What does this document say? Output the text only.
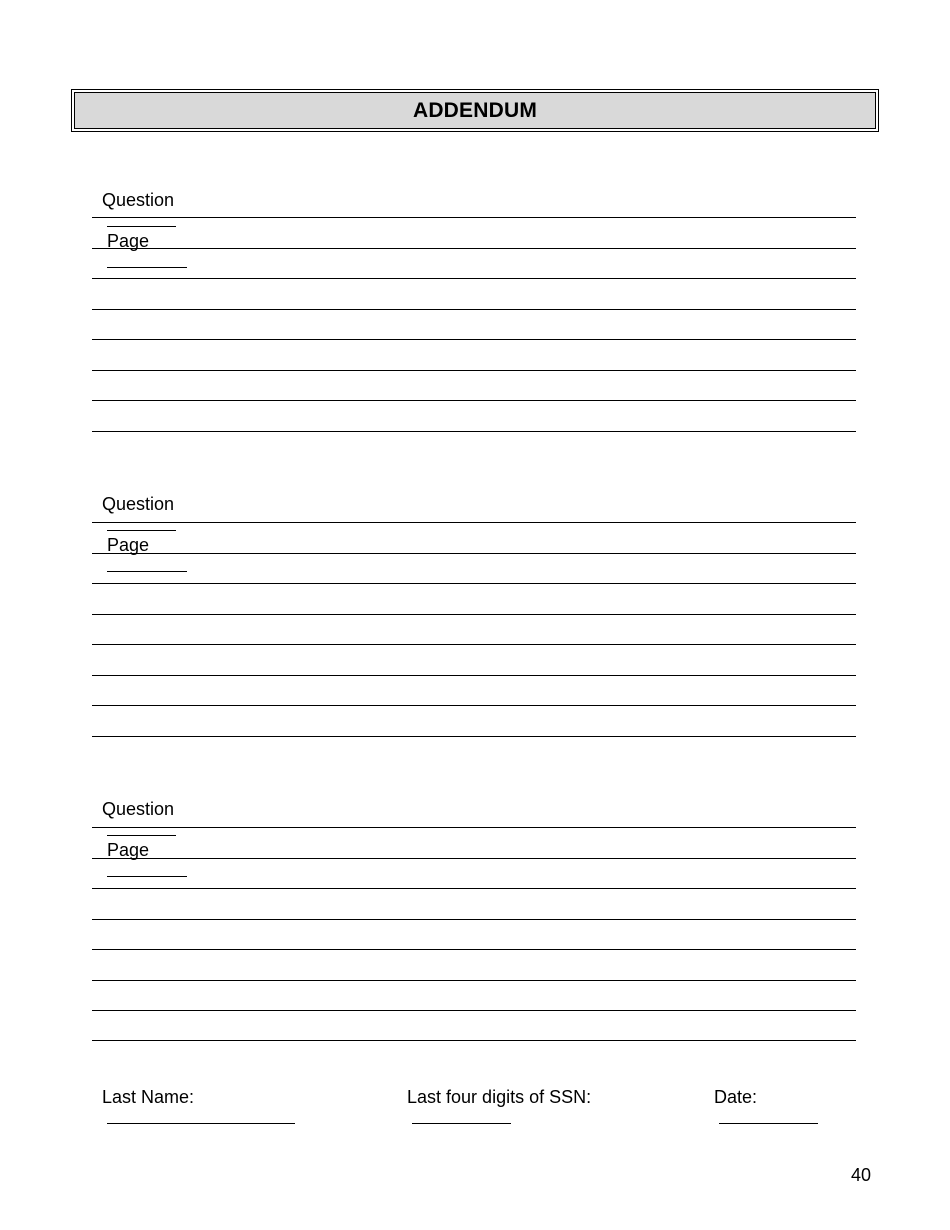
ADDENDUM

Question

Page

Question

Page

Question

Page

Last Name:
	Last four digits of SSN:
	Date:

40
